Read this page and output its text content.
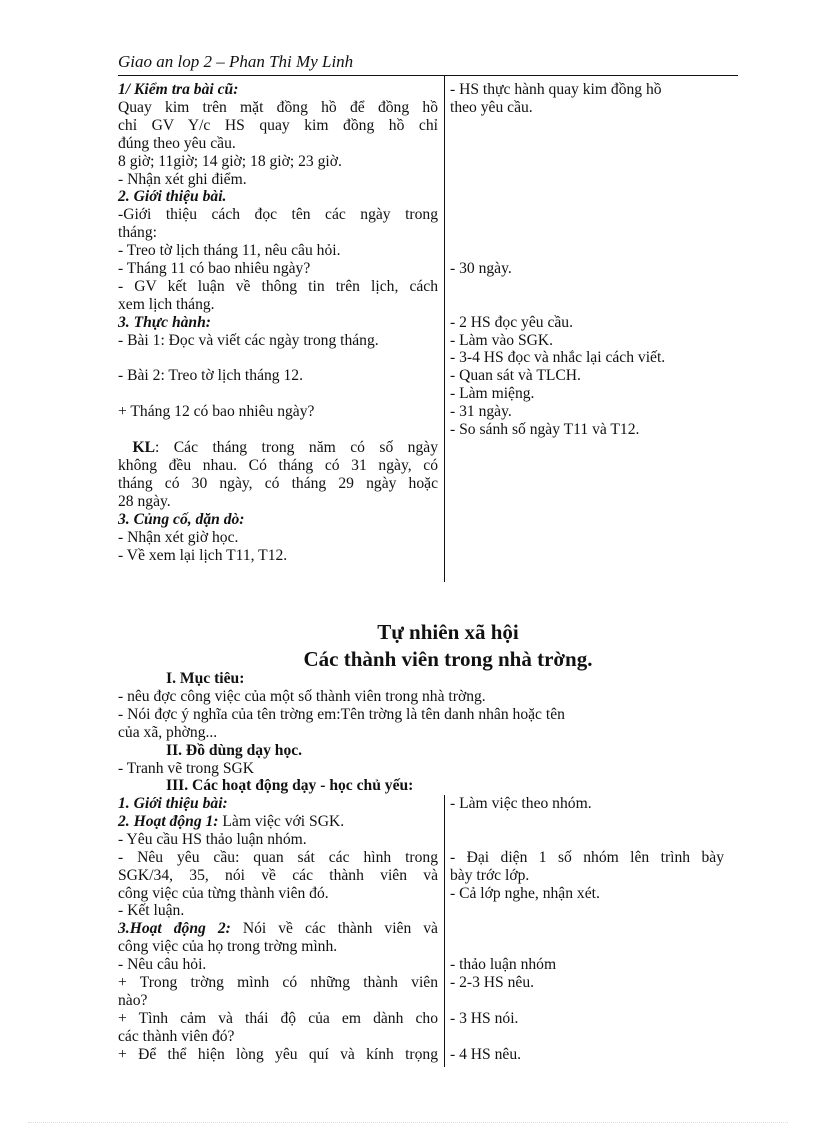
Giao an lop 2 – Phan Thi My Linh
1/ Kiểm tra bài cũ:
Quay kim trên mặt đồng hồ để đồng hồ
chỉ GV Y/c HS quay kim đồng hồ chỉ
đúng theo yêu cầu.
8 giờ; 11giờ; 14 giờ; 18 giờ; 23 giờ.
- Nhận xét ghi điểm.
2. Giới thiệu bài.
-Giới thiệu cách đọc tên các ngày trong
tháng:
- Treo tờ lịch tháng 11, nêu câu hỏi.
- Tháng 11 có bao nhiêu ngày?
- GV kết luận về thông tin trên lịch, cách
xem lịch tháng.
3. Thực hành:
- Bài 1: Đọc và viết các ngày trong tháng.
- Bài 2: Treo tờ lịch tháng 12.
+ Tháng 12 có bao nhiêu ngày?
KL: Các tháng trong năm có số ngày
không đều nhau. Có tháng có 31 ngày, có
tháng có 30 ngày, có tháng 29 ngày hoặc
28 ngày.
3. Củng cố, dặn dò:
- Nhận xét giờ học.
- Về xem lại lịch T11, T12.
- HS thực hành quay kim đồng hồ
theo yêu cầu.
- 30 ngày.
- 2 HS đọc yêu cầu.
- Làm vào SGK.
- 3-4 HS đọc và nhắc lại cách viết.
- Quan sát và TLCH.
- Làm miệng.
- 31 ngày.
- So sánh số ngày T11 và T12.
Tự nhiên xã hội
Các thành viên trong nhà trờng.
I. Mục tiêu:
- nêu đợc công việc của một số thành viên trong nhà trờng.
- Nói đợc ý nghĩa của tên trờng em:Tên trờng là tên danh nhân hoặc tên
của xã, phờng...
II. Đồ dùng dạy học.
- Tranh vẽ trong SGK
III. Các hoạt động dạy - học chủ yếu:
1. Giới thiệu bài:
2. Hoạt động 1: Làm việc với SGK.
- Yêu cầu HS thảo luận nhóm.
- Nêu yêu cầu: quan sát các hình trong
SGK/34, 35, nói về các thành viên và
công việc của từng thành viên đó.
- Kết luận.
3.Hoạt động 2: Nói về các thành viên và
công việc của họ trong trờng mình.
- Nêu câu hỏi.
+ Trong trờng mình có những thành viên
nào?
+ Tình cảm và thái độ của em dành cho
các thành viên đó?
+ Để thể hiện lòng yêu quí và kính trọng
- Làm việc theo nhóm.
- Đại diện 1 số nhóm lên trình bày
bày trớc lớp.
- Cả lớp nghe, nhận xét.
- thảo luận nhóm
- 2-3 HS nêu.
- 3 HS nói.
- 4 HS nêu.
